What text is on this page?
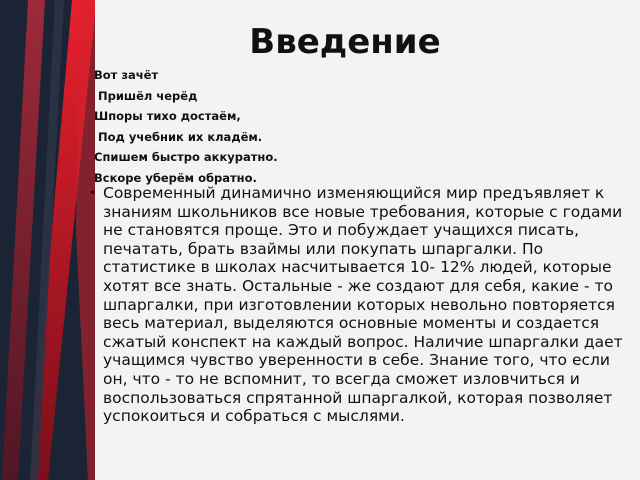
Введение
Вот зачёт
Пришёл черёд
Шпоры тихо достаём,
Под учебник их кладём.
Спишем быстро аккуратно.
Вскоре уберём обратно.
• Современный динамично изменяющийся мир предъявляет к знаниям школьников все новые требования, которые с годами не становятся проще. Это и побуждает учащихся писать, печатать, брать взаймы или покупать шпаргалки. По статистике в школах насчитывается 10- 12% людей, которые хотят все знать. Остальные - же создают для себя, какие - то шпаргалки, при изготовлении которых невольно повторяется весь материал, выделяются основные моменты и создается сжатый конспект на каждый вопрос. Наличие шпаргалки дает учащимся чувство уверенности в себе. Знание того, что если он, что - то не вспомнит, то всегда сможет изловчиться и воспользоваться спрятанной шпаргалкой, которая позволяет успокоиться и собраться с мыслями.
